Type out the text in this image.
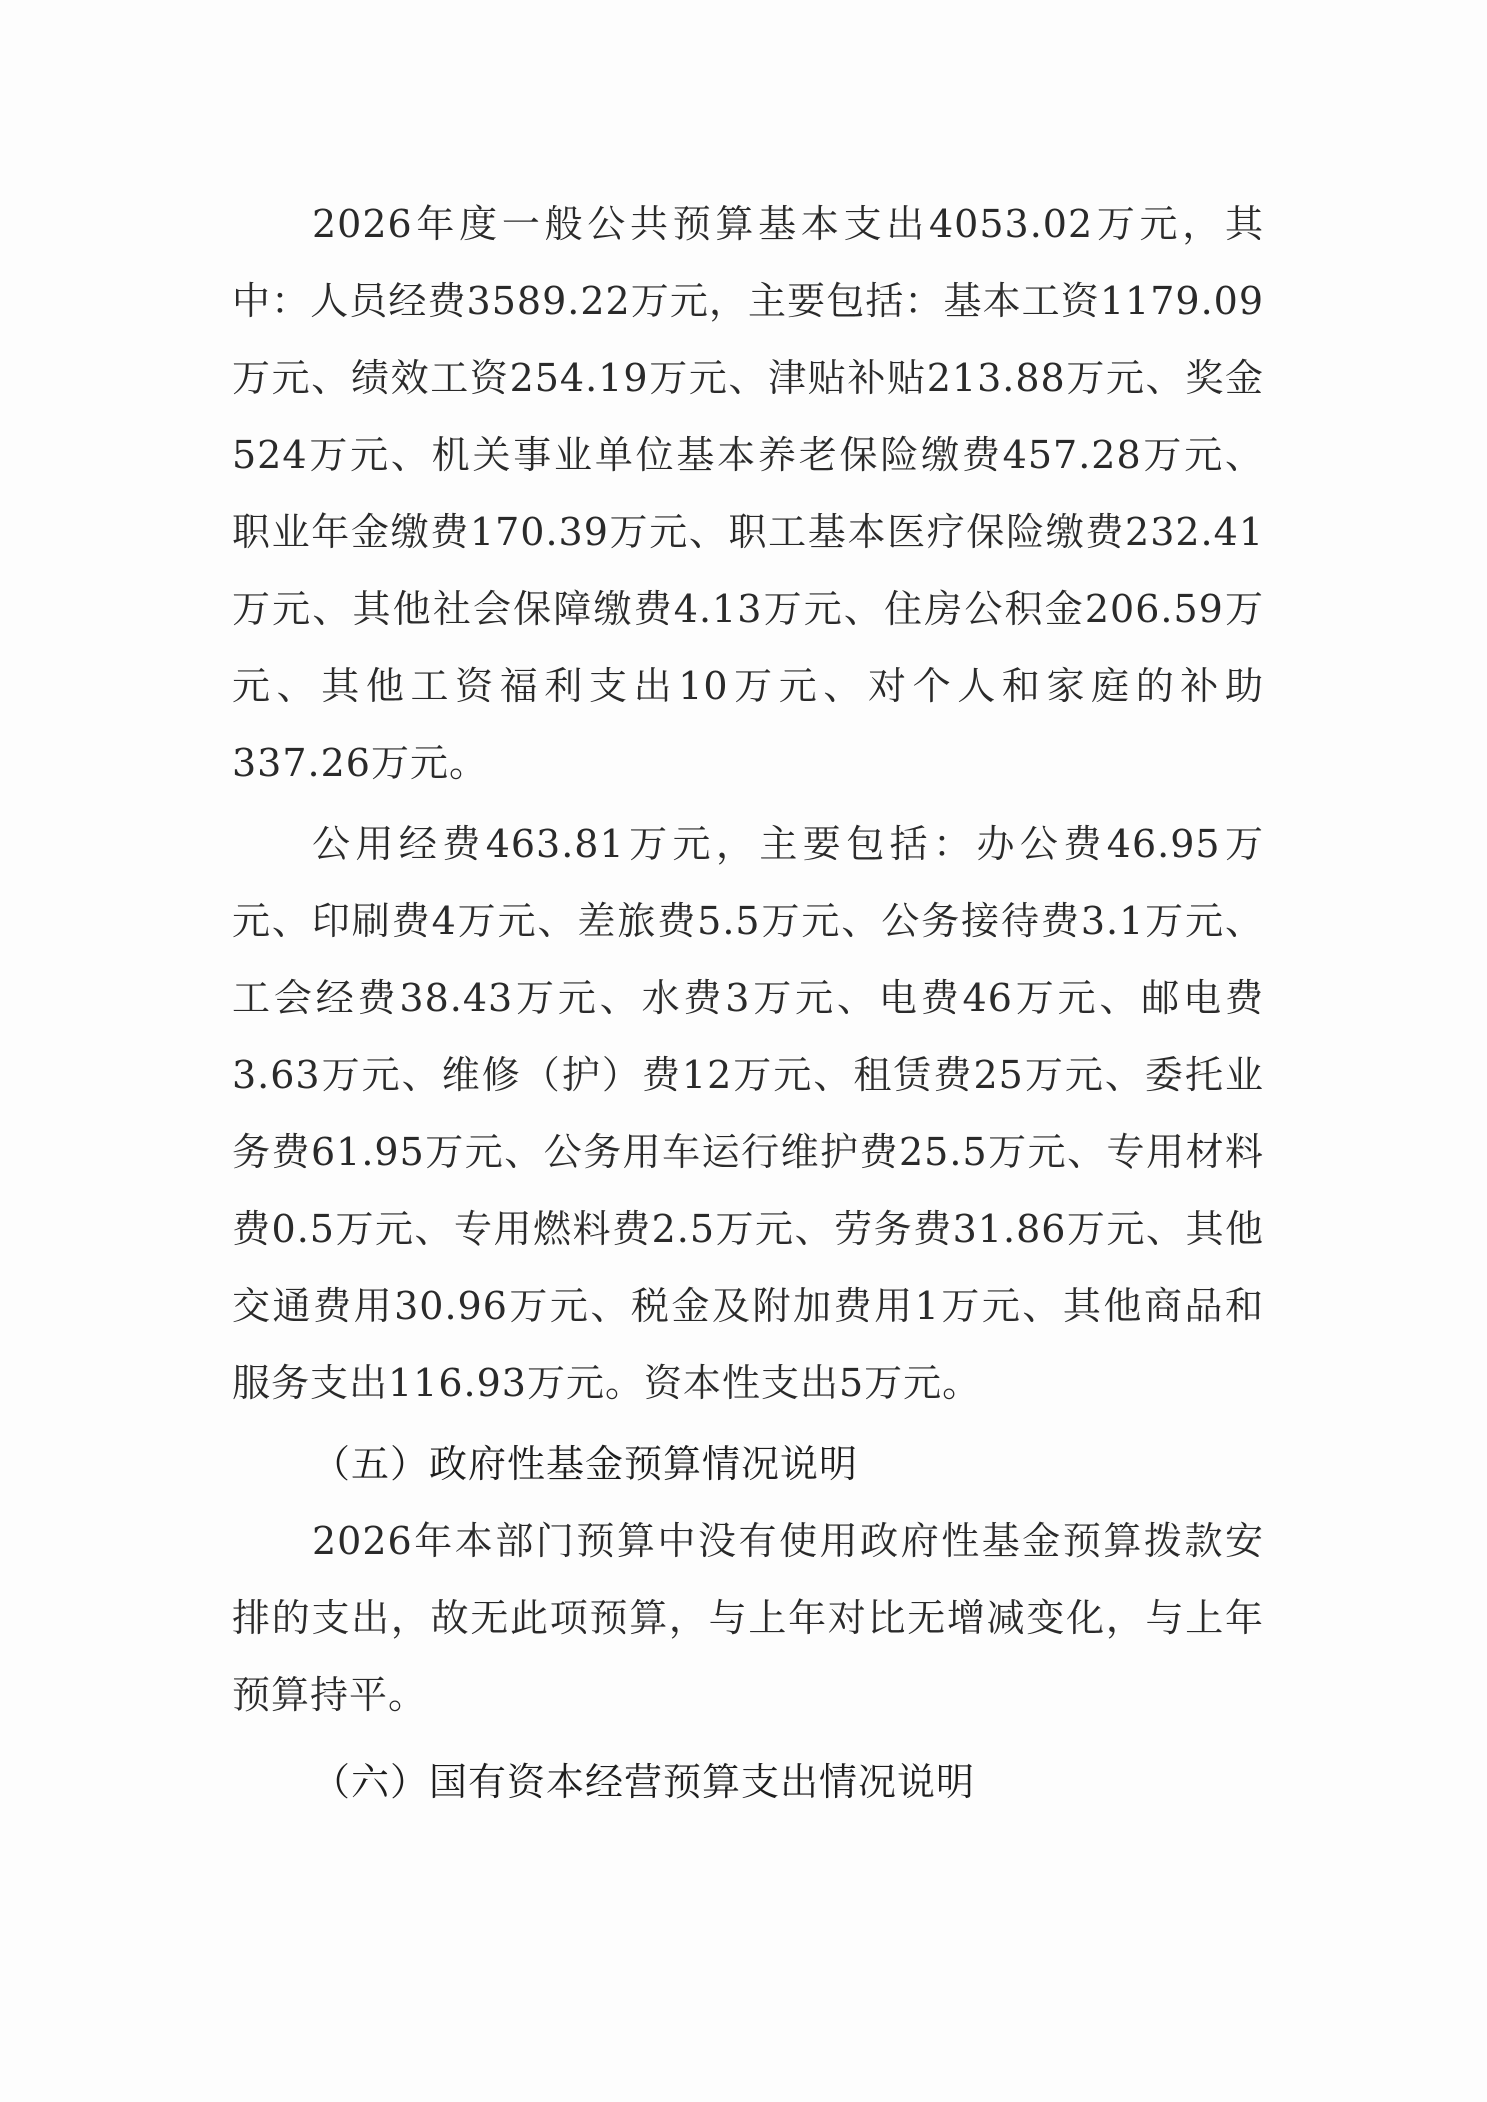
2026年度一般公共预算基本支出4053.02万元，其中：人员经费3589.22万元，主要包括：基本工资1179.09万元、绩效工资254.19万元、津贴补贴213.88万元、奖金524万元、机关事业单位基本养老保险缴费457.28万元、职业年金缴费170.39万元、职工基本医疗保险缴费232.41万元、其他社会保障缴费4.13万元、住房公积金206.59万元、其他工资福利支出10万元、对个人和家庭的补助337.26万元。

公用经费463.81万元，主要包括：办公费46.95万元、印刷费4万元、差旅费5.5万元、公务接待费3.1万元、工会经费38.43万元、水费3万元、电费46万元、邮电费3.63万元、维修（护）费12万元、租赁费25万元、委托业务费61.95万元、公务用车运行维护费25.5万元、专用材料费0.5万元、专用燃料费2.5万元、劳务费31.86万元、其他交通费用30.96万元、税金及附加费用1万元、其他商品和服务支出116.93万元。资本性支出5万元。

（五）政府性基金预算情况说明

2026年本部门预算中没有使用政府性基金预算拨款安排的支出，故无此项预算，与上年对比无增减变化，与上年预算持平。

（六）国有资本经营预算支出情况说明
